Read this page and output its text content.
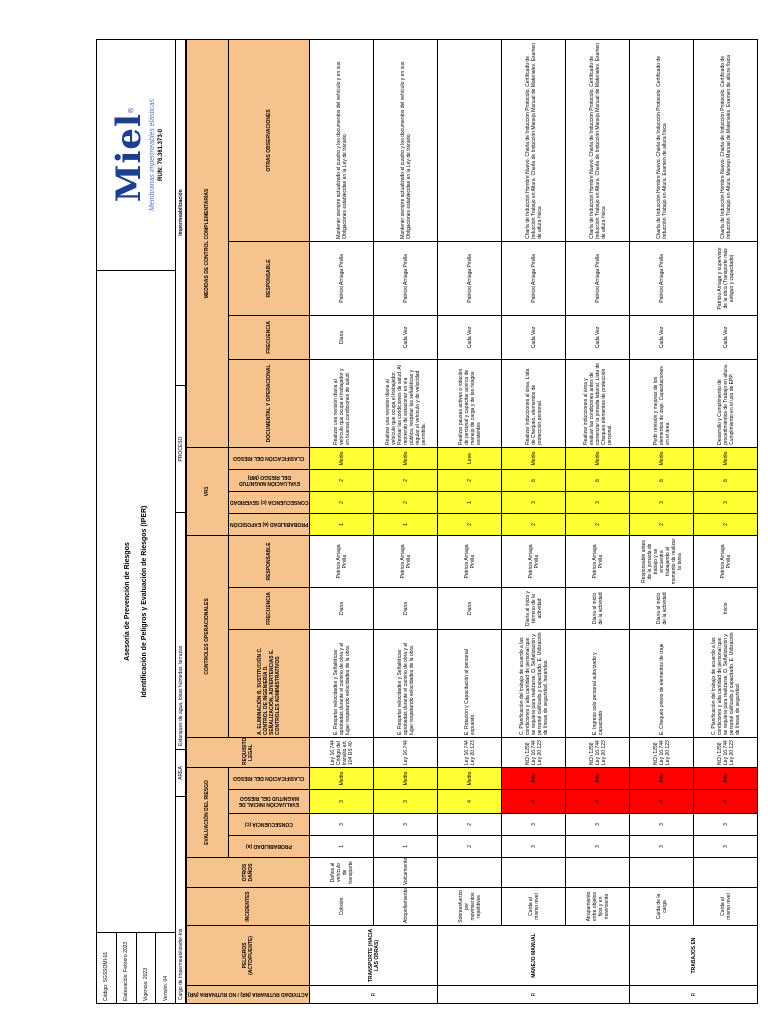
Código: SGSSOMI-01	Elaboración: Febrero 2023	Vigencia: 2023	Versión: 04
Asesoría de Prevención de Riesgos Identificación de Peligros y Evaluación de Riesgos (IPER)
Miel®	Membranas impermeables elásticas RUN: 76.361.373-0
Cargo de Impermeabilizador-Ins
AREA
Estanques de agua, losas húmedas, terrazas
PROCESO
Impermeabilización
ACTIVIDAD RUTINARIA (NR) / NO RUTINARIA (NR)	PELIGROS (ACTO/FUENTE)	INCIDENTES	OTROS DAÑOS	EVALUACIÓN DEL RIESGO				REQUISITO LEGAL	CONTROLES OPERACIONALES			VR1				MEDIDAS DE CONTROL COMPLEMENTARIAS			

				PROBABILIDAD (a)	CONSECUENCIA (c)	EVALUACIÓN INICIAL DE MAGNITUD DEL RIESGO	CLASIFICACIÓN DEL RIESGO		A. ELIMINACIÓN B. SUSTITUCIÓN C. CONTROL DE INGENIERÍA D. SEÑALIZACIÓN, ADVERTENCIAS E. CONTROLES ADMINISTRATIVOS	FRECUENCIA	RESPONSABLE	PROBABILIDAD (a) EXPOSICIÓN	CONSECUENCIA (c) SEVERIDAD	EVALUACIÓN MAGNITUD DEL RIESGO (MR)	CLASIFICACIÓN DEL RIESGO	DOCUMENTAL Y OPERACIONAL	FRECUENCIA	RESPONSABLE	OTRAS OBSERVACIONES
R	TRANSPORTE (HACIA LAS OBRAS)	Colisión	Daños al vehículo de transporte	1	3	3	Medio	Ley 16.744 Código del tránsito art. 104 DS 40	E. Respetar velocidades y Señaléticas aprobadas durante el camino de obra y el lugar respetando velocidades de la obra.	Diaria	Patricio Arriaga Pinilla	1	2	2	Medio	Realizar una revisión diaria al vehículo que ocupa el trabajador y en buenas condiciones de salud.	Diaria	Patricio Arriaga Pinilla	Mantener siempre actualizado el cuadro y los documentos del vehículo y en sus Obligaciones establecidas en la Ley de tránsito
		Atropellamiento	Volcamiento	1	3	3	Medio	Ley 16.744	E. Respetar velocidades y Señaléticas aprobadas durante el camino de obra y el lugar respetando velocidades de la obra.	Diaria	Patricio Arriaga Pinilla	1	2	2	Medio	Realizar una revisión diaria al vehículo que ocupa el trabajador. Revisar las condiciones de salud. Al momento de estacionar en vía pública, respetar las señaléticas y regular el vehículo y de velocidad permitida.	Cada Vez	Patricio Arriaga Pinilla	Mantener siempre actualizado el cuadro y los documentos del vehículo y en sus Obligaciones establecidas en la Ley de tránsito
R	MANEJO MANUAL	Sobreesfuerzo por movimientos repetitivos		2	2	4	Medio	Ley 16.744 Ley 20.123	E. Rotación y Capacitación al personal expuesto	Diaria	Patricio Arriaga Pinilla	2	1	2	Leve	Realizar pausas activas o rotación de personal y capacitar acerca de manejo de carga y de los riesgos existentes	Cada Vez	Patricio Arriaga Pinilla	
		Caída al mismo nivel		3	3	9	Alto	NCh 1258 Ley 16.744 Ley 20.123	C. Planificación del trabajo de acuerdo a las condiciones y alta cantidad de personal que se requiera para realizarse. D. Señalización y personal calificado y capacitado. E. Utilización de líneas de seguridad, barandas.	Diaria al inicio y término de la actividad	Patricio Arriaga Pinilla	2	3	6	Medio	Realizar inducciones al área, Lista de Chequeo, elementos de protección personal.	Cada Vez	Patricio Arriaga Pinilla	Charla de Inducción Hombre Nuevo. Charla de Inducción Protocolo. Certificado de Inducción Trabajo en Altura. Charla de Inducción Manejo Manual de Materiales. Examen de altura física
		Atrapamiento entre objetos fijos y en movimiento		3	3	9	Alto	NCh 1258 Ley 16.744 Ley 20.123	E. Ingreso solo personal autorizado y capacitado.	Diaria al inicio de la actividad	Patricio Arriaga Pinilla	2	3	6	Medio	Realizar inducciones al área y evaluar las condiciones antes de comenzar la jornada laboral. Lista de Chequeo elementos de protección personal.	Cada Vez	Patricio Arriaga Pinilla	Charla de Inducción Hombre Nuevo. Charla de Inducción Protocolo. Certificado de Inducción Trabajo en Altura. Charla de Inducción Manejo Manual de Materiales. Examen de altura física
R	TRABAJOS EN	Caída de la carga		3	3	9	Alto	NCh 1258 Ley 16.744 Ley 20.123	E. Chequeo previo de elementos de izaje.	Diaria al inicio de la actividad	Responsable antes de la jornada de trabajo y se encuentra trabajando al momento de realizar la tarea	2	3	6	Medio	Pedir revisión y mejoras de los elementos de izaje. Capacitaciones en el área.	Cada Vez	Patricio Arriaga Pinilla	Charla de Inducción Hombre Nuevo. Charla de Inducción Protocolo. Certificado de Inducción Trabajo en Altura. Examen de altura física
		Caída al mismo nivel		3	3	9	Alto	NCh 1258 Ley 16.744 Ley 20.123	C. Planificación del trabajo de acuerdo a las condiciones y alta cantidad de personal que se requiera para realizarse. D. Señalización y personal calificado y capacitado. E. Utilización de líneas de seguridad.	Inicio	Patricio Arriaga Pinilla	2	3	6	Medio	Desarrollo y Cumplimiento de procedimientos de Trabajo en altura. Cumplimiento en el uso de EPP.	Cada Vez	Patricio Arriaga y supervisor de la obra (Transporte más antiguo y capacitado)	Charla de Inducción Hombre Nuevo. Charla de Inducción Protocolo. Certificado de Inducción Trabajo en Altura. Manejo Manual de Materiales. Examen de altura física
